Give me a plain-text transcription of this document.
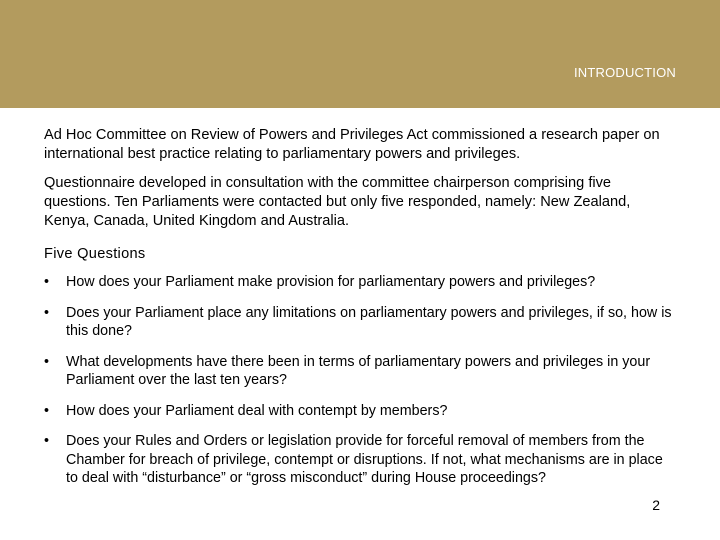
INTRODUCTION

Ad Hoc Committee on Review of Powers and Privileges Act commissioned a research paper on international best practice relating to parliamentary powers and privileges.

Questionnaire developed in consultation with the committee chairperson comprising five questions. Ten Parliaments were contacted but only five responded, namely: New Zealand, Kenya, Canada, United Kingdom and Australia.

Five Questions
•	How does your Parliament make provision for parliamentary powers and privileges?
•	Does your Parliament place any limitations on parliamentary powers and privileges, if so, how is this done?
•	What developments have there been in terms of parliamentary powers and privileges in your Parliament over the last ten years?
•	How does your Parliament deal with contempt by members?
•	Does your Rules and Orders or legislation provide for forceful removal of members from the Chamber for breach of privilege, contempt or disruptions. If not, what mechanisms are in place to deal with “disturbance” or “gross misconduct” during House proceedings?
2
